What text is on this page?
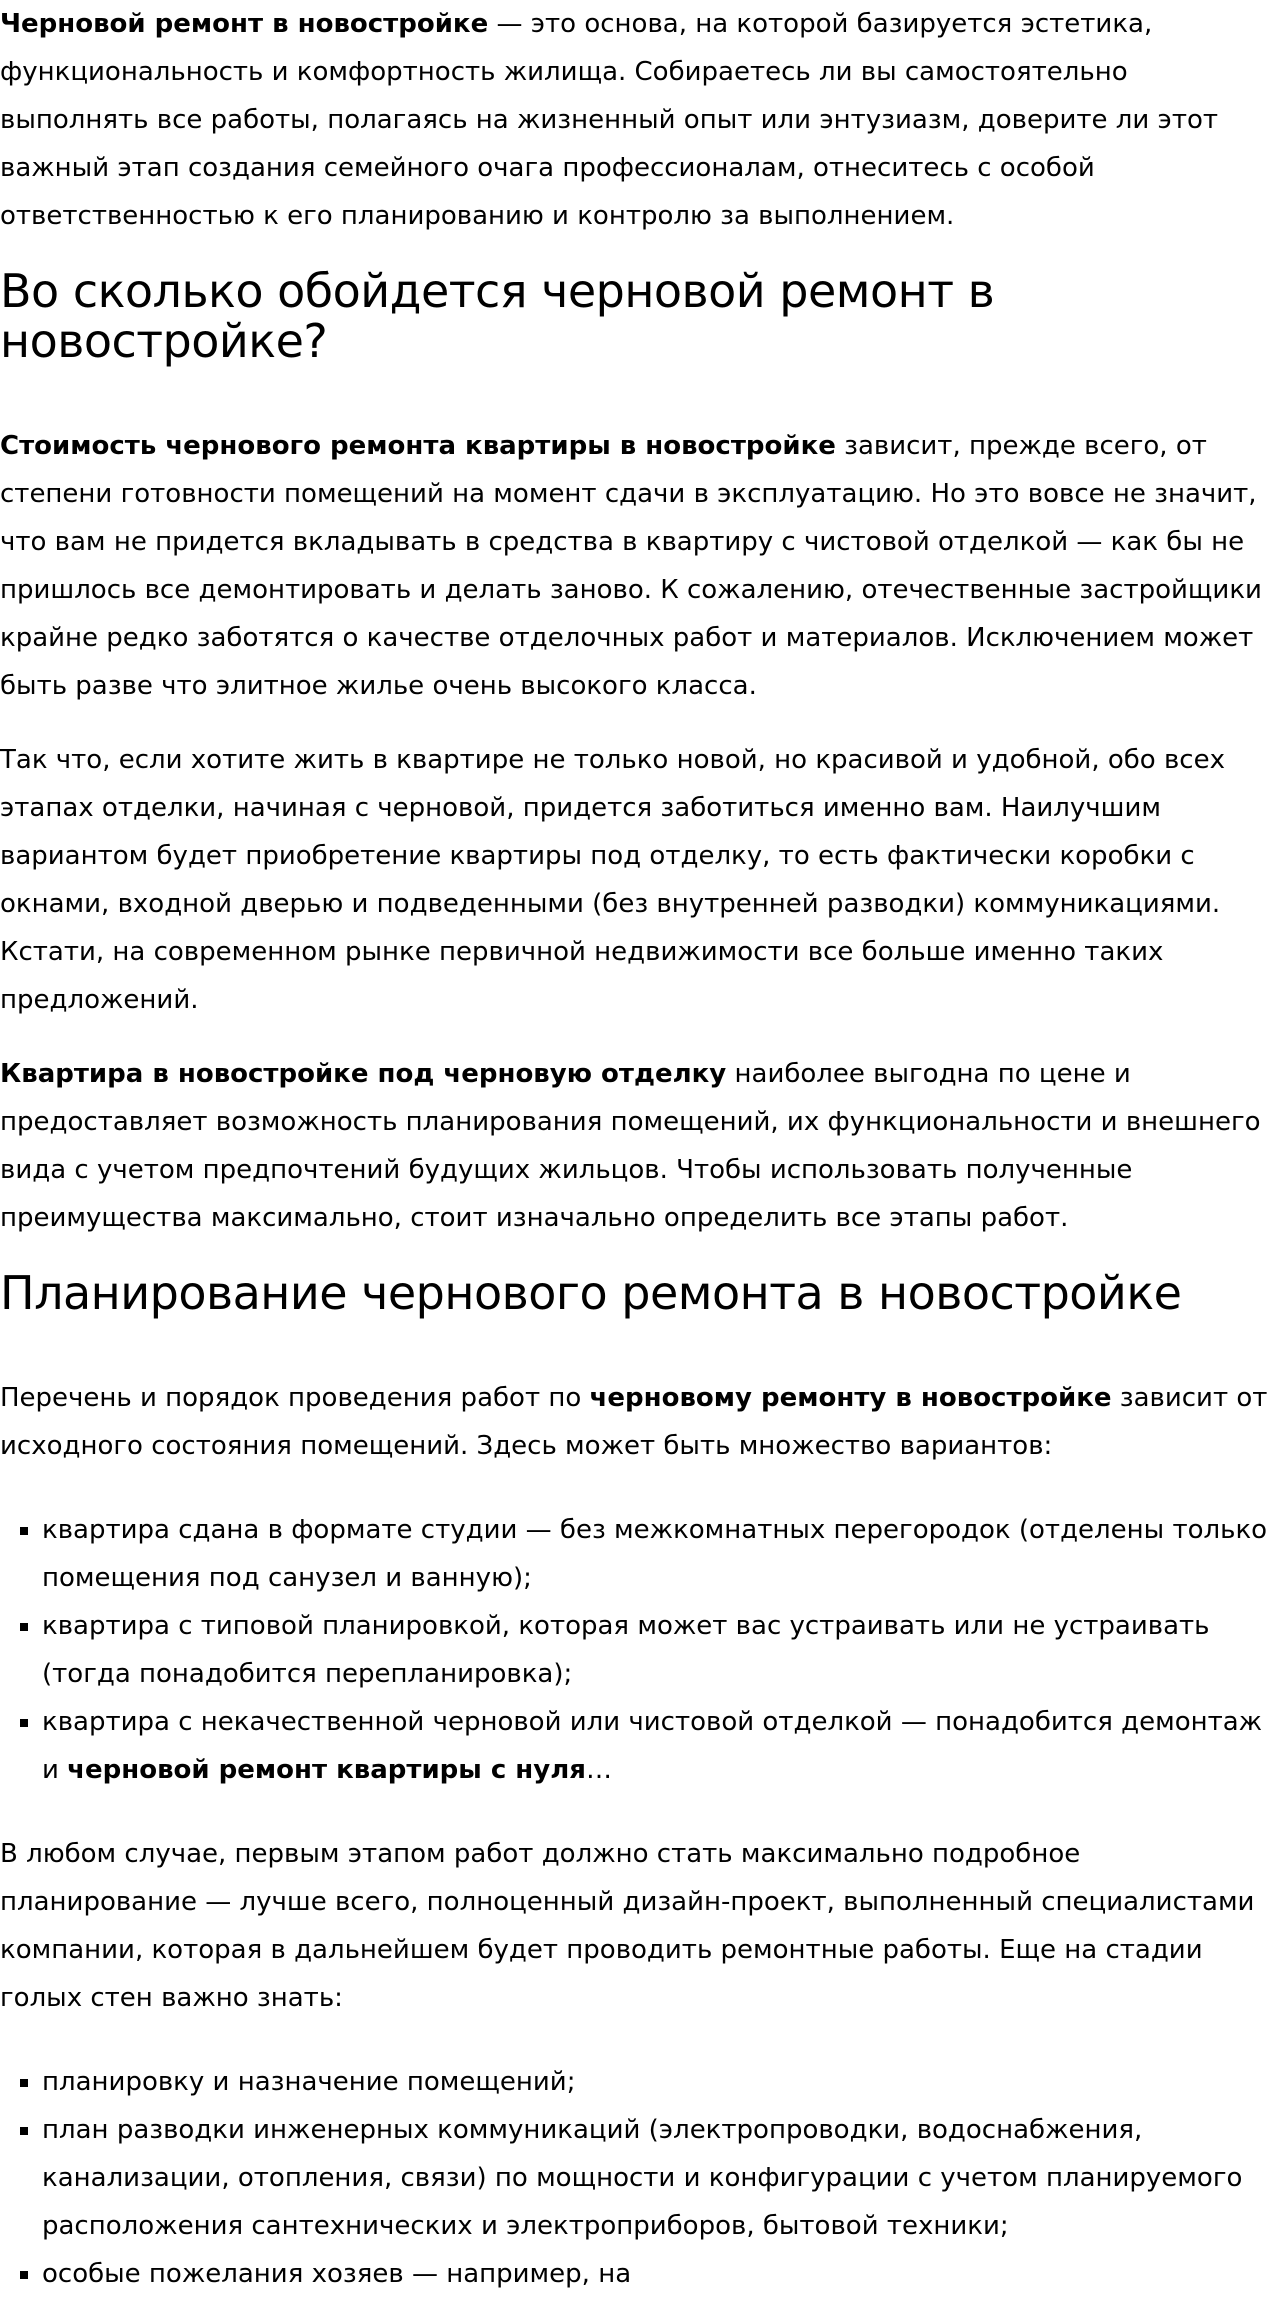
Черновой ремонт в новостройке — это основа, на которой базируется эстетика, функциональность и комфортность жилища. Собираетесь ли вы самостоятельно выполнять все работы, полагаясь на жизненный опыт или энтузиазм, доверите ли этот важный этап создания семейного очага профессионалам, отнеситесь с особой ответственностью к его планированию и контролю за выполнением.

Во сколько обойдется черновой ремонт в новостройке?

Стоимость чернового ремонта квартиры в новостройке зависит, прежде всего, от степени готовности помещений на момент сдачи в эксплуатацию. Но это вовсе не значит, что вам не придется вкладывать в средства в квартиру с чистовой отделкой — как бы не пришлось все демонтировать и делать заново. К сожалению, отечественные застройщики крайне редко заботятся о качестве отделочных работ и материалов. Исключением может быть разве что элитное жилье очень высокого класса.

Так что, если хотите жить в квартире не только новой, но красивой и удобной, обо всех этапах отделки, начиная с черновой, придется заботиться именно вам. Наилучшим вариантом будет приобретение квартиры под отделку, то есть фактически коробки с окнами, входной дверью и подведенными (без внутренней разводки) коммуникациями. Кстати, на современном рынке первичной недвижимости все больше именно таких предложений.

Квартира в новостройке под черновую отделку наиболее выгодна по цене и предоставляет возможность планирования помещений, их функциональности и внешнего вида с учетом предпочтений будущих жильцов. Чтобы использовать полученные преимущества максимально, стоит изначально определить все этапы работ.

Планирование чернового ремонта в новостройке

Перечень и порядок проведения работ по черновому ремонту в новостройке зависит от исходного состояния помещений. Здесь может быть множество вариантов:

▪ квартира сдана в формате студии — без межкомнатных перегородок (отделены только помещения под санузел и ванную);
▪ квартира с типовой планировкой, которая может вас устраивать или не устраивать (тогда понадобится перепланировка);
▪ квартира с некачественной черновой или чистовой отделкой — понадобится демонтаж и черновой ремонт квартиры с нуля…

В любом случае, первым этапом работ должно стать максимально подробное планирование — лучше всего, полноценный дизайн-проект, выполненный специалистами компании, которая в дальнейшем будет проводить ремонтные работы. Еще на стадии голых стен важно знать:

▪ планировку и назначение помещений;
▪ план разводки инженерных коммуникаций (электропроводки, водоснабжения, канализации, отопления, связи) по мощности и конфигурации с учетом планируемого расположения сантехнических и электроприборов, бытовой техники;
▪ особые пожелания хозяев — например, на
